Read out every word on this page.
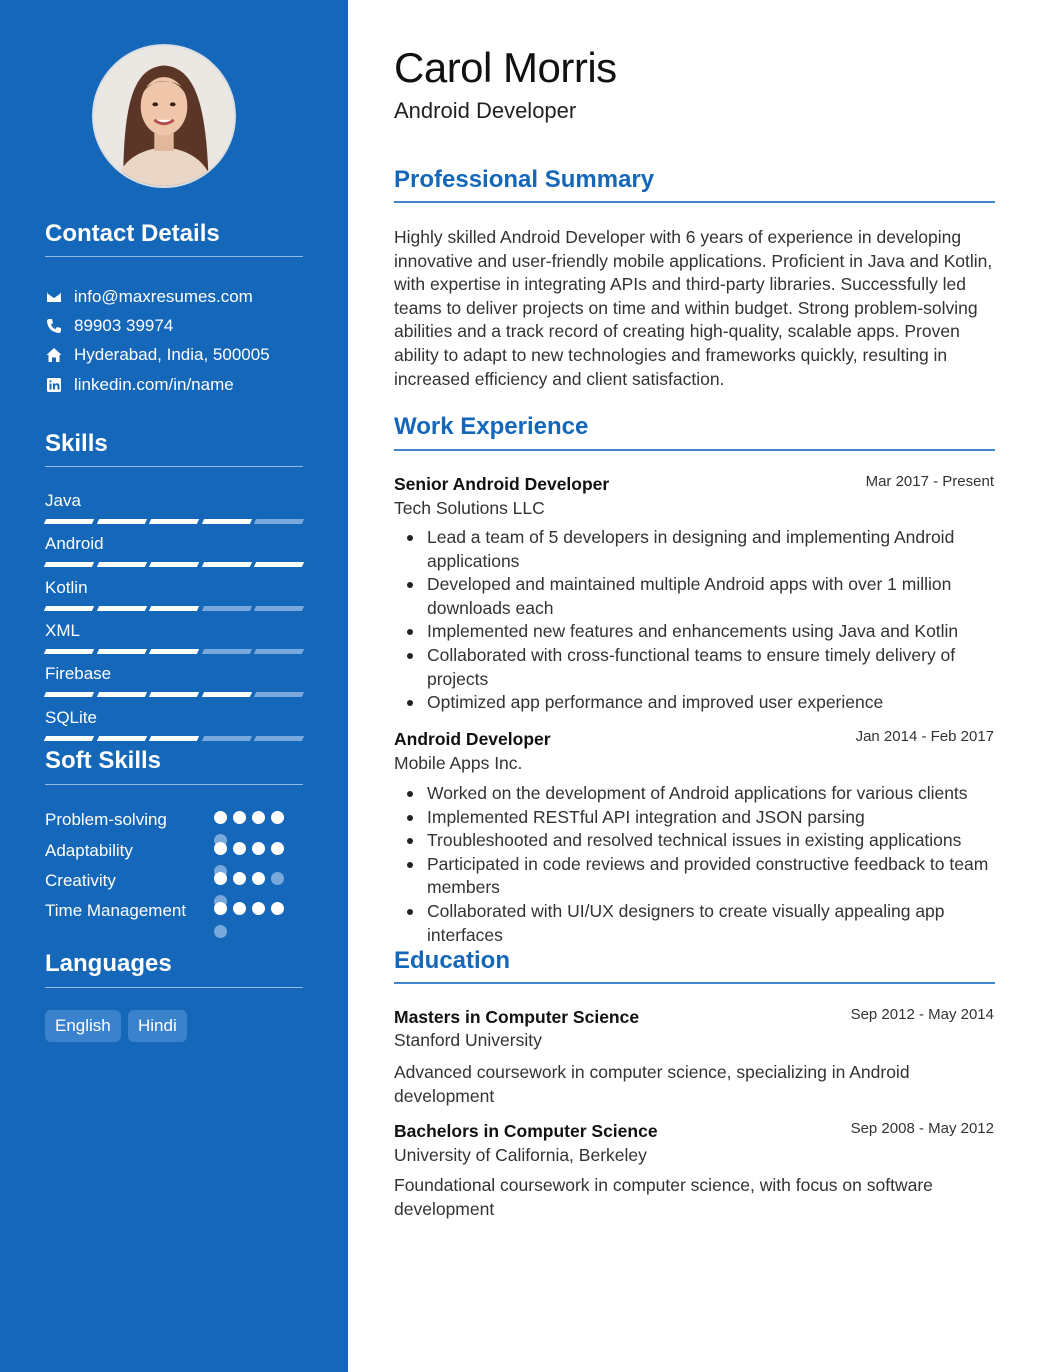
Contact Details
info@maxresumes.com
89903 39974
Hyderabad, India, 500005
linkedin.com/in/name
Skills
Java
Android
Kotlin
XML
Firebase
SQLite
Soft Skills
Problem-solving
Adaptability
Creativity
Time Management
Languages
English	Hindi
Carol Morris
Android Developer
Professional Summary
Highly skilled Android Developer with 6 years of experience in developing innovative and user-friendly mobile applications. Proficient in Java and Kotlin, with expertise in integrating APIs and third-party libraries. Successfully led teams to deliver projects on time and within budget. Strong problem-solving abilities and a track record of creating high-quality, scalable apps. Proven ability to adapt to new technologies and frameworks quickly, resulting in increased efficiency and client satisfaction.
Work Experience
Senior Android Developer	Mar 2017 - Present
Tech Solutions LLC
Lead a team of 5 developers in designing and implementing Android applications
Developed and maintained multiple Android apps with over 1 million downloads each
Implemented new features and enhancements using Java and Kotlin
Collaborated with cross-functional teams to ensure timely delivery of projects
Optimized app performance and improved user experience
Android Developer	Jan 2014 - Feb 2017
Mobile Apps Inc.
Worked on the development of Android applications for various clients
Implemented RESTful API integration and JSON parsing
Troubleshooted and resolved technical issues in existing applications
Participated in code reviews and provided constructive feedback to team members
Collaborated with UI/UX designers to create visually appealing app interfaces
Education
Masters in Computer Science	Sep 2012 - May 2014
Stanford University
Advanced coursework in computer science, specializing in Android development
Bachelors in Computer Science	Sep 2008 - May 2012
University of California, Berkeley
Foundational coursework in computer science, with focus on software development
